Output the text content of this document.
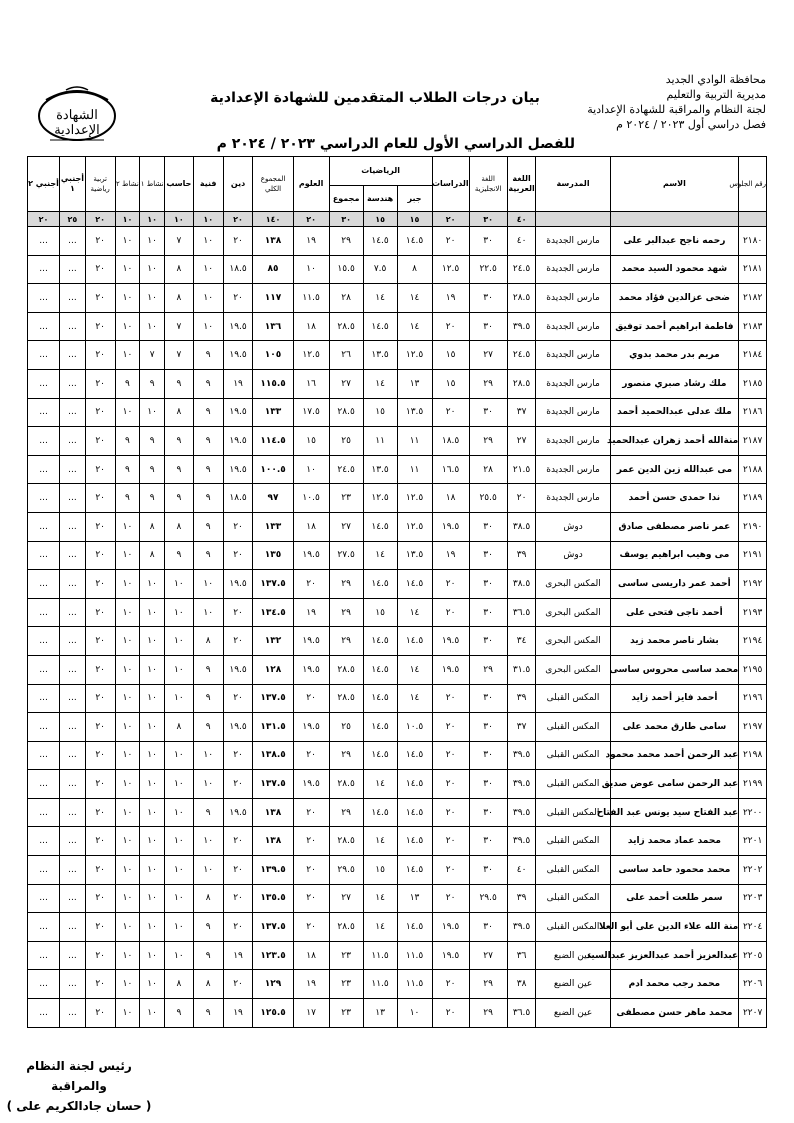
محافظة الوادي الجديد
مديرية التربية والتعليم
لجنة النظام والمراقبة للشهادة الإعدادية
فصل دراسي أول ٢٠٢٣ / ٢٠٢٤ م
بيان درجات الطلاب المتقدمين للشهادة الإعدادية
للفصل الدراسي الأول للعام الدراسي ٢٠٢٣ / ٢٠٢٤ م
الشهادة الإعدادية
رقم الجلوس	الاسم	المدرسة	اللغة العربية	اللغة الانجليزية	الدراسات	الرياضيات			العلوم	المجموع الكلي	دين	فنية	حاسب	نشاط ١	نشاط ٢	تربية رياضية	أجنبي ١	أجنبي ٢
						جبر	هندسة	مجموع										
			٤٠	٣٠	٢٠	١٥	١٥	٣٠	٢٠	١٤٠	٢٠	١٠	١٠	١٠	١٠	٢٠	٢٥	٢٠
٢١٨٠	رحمه ناجح عبدالبر على	مارس الجديدة	٤٠	٣٠	٢٠	١٤.٥	١٤.٥	٢٩	١٩	١٣٨	٢٠	١٠	٧	١٠	١٠	٢٠	...	...
٢١٨١	شهد محمود السيد محمد	مارس الجديدة	٢٤.٥	٢٢.٥	١٢.٥	٨	٧.٥	١٥.٥	١٠	٨٥	١٨.٥	١٠	٨	١٠	١٠	٢٠	...	...
٢١٨٢	ضحى عزالدين فؤاد محمد	مارس الجديدة	٢٨.٥	٣٠	١٩	١٤	١٤	٢٨	١١.٥	١١٧	٢٠	١٠	٨	١٠	١٠	٢٠	...	...
٢١٨٣	فاطمة ابراهيم أحمد توفيق	مارس الجديدة	٣٩.٥	٣٠	٢٠	١٤	١٤.٥	٢٨.٥	١٨	١٣٦	١٩.٥	١٠	٧	١٠	١٠	٢٠	...	...
٢١٨٤	مريم بدر محمد بدوي	مارس الجديدة	٢٤.٥	٢٧	١٥	١٢.٥	١٣.٥	٢٦	١٢.٥	١٠٥	١٩.٥	٩	٧	٧	١٠	٢٠	...	...
٢١٨٥	ملك رشاد صبري منصور	مارس الجديدة	٢٨.٥	٢٩	١٥	١٣	١٤	٢٧	١٦	١١٥.٥	١٩	٩	٩	٩	٩	٢٠	...	...
٢١٨٦	ملك عدلى عبدالحميد أحمد	مارس الجديدة	٣٧	٣٠	٢٠	١٣.٥	١٥	٢٨.٥	١٧.٥	١٣٣	١٩.٥	٩	٨	١٠	١٠	٢٠	...	...
٢١٨٧	منةالله أحمد زهران عبدالحميد	مارس الجديدة	٢٧	٢٩	١٨.٥	١١	١١	٢٥	١٥	١١٤.٥	١٩.٥	٩	٩	٩	٩	٢٠	...	...
٢١٨٨	مى عبدالله زين الدين عمر	مارس الجديدة	٢١.٥	٢٨	١٦.٥	١١	١٣.٥	٢٤.٥	١٠	١٠٠.٥	١٩.٥	٩	٩	٩	٩	٢٠	...	...
٢١٨٩	ندا حمدى حسن أحمد	مارس الجديدة	٢٠	٢٥.٥	١٨	١٢.٥	١٢.٥	٢٣	١٠.٥	٩٧	١٨.٥	٩	٩	٩	٩	٢٠	...	...
٢١٩٠	عمر ناصر مصطفى صادق	دوش	٣٨.٥	٣٠	١٩.٥	١٢.٥	١٤.٥	٢٧	١٨	١٣٣	٢٠	٩	٨	٨	١٠	٢٠	...	...
٢١٩١	مى وهيب ابراهيم يوسف	دوش	٣٩	٣٠	١٩	١٣.٥	١٤	٢٧.٥	١٩.٥	١٣٥	٢٠	٩	٩	٨	١٠	٢٠	...	...
٢١٩٢	أحمد عمر داريسى ساسى	المكس البحرى	٣٨.٥	٣٠	٢٠	١٤.٥	١٤.٥	٢٩	٢٠	١٣٧.٥	١٩.٥	١٠	١٠	١٠	١٠	٢٠	...	...
٢١٩٣	أحمد ناجى فتحى على	المكس البحرى	٣٦.٥	٣٠	٢٠	١٤	١٥	٢٩	١٩	١٣٤.٥	٢٠	١٠	١٠	١٠	١٠	٢٠	...	...
٢١٩٤	بشار ناصر محمد زيد	المكس البحرى	٣٤	٣٠	١٩.٥	١٤.٥	١٤.٥	٢٩	١٩.٥	١٣٢	٢٠	٨	١٠	١٠	١٠	٢٠	...	...
٢١٩٥	محمد ساسى محروس ساسى	المكس البحرى	٣١.٥	٢٩	١٩.٥	١٤	١٤.٥	٢٨.٥	١٩.٥	١٢٨	١٩.٥	٩	١٠	١٠	١٠	٢٠	...	...
٢١٩٦	أحمد فايز أحمد زايد	المكس القبلى	٣٩	٣٠	٢٠	١٤	١٤.٥	٢٨.٥	٢٠	١٣٧.٥	٢٠	٩	١٠	١٠	١٠	٢٠	...	...
٢١٩٧	سامى طارق محمد على	المكس القبلى	٣٧	٣٠	٢٠	١٠.٥	١٤.٥	٢٥	١٩.٥	١٣١.٥	١٩.٥	٩	٨	١٠	١٠	٢٠	...	...
٢١٩٨	عبد الرحمن أحمد محمد محمود	المكس القبلى	٣٩.٥	٣٠	٢٠	١٤.٥	١٤.٥	٢٩	٢٠	١٣٨.٥	٢٠	١٠	١٠	١٠	١٠	٢٠	...	...
٢١٩٩	عبد الرحمن سامى عوض صديق	المكس القبلى	٣٩.٥	٣٠	٢٠	١٤.٥	١٤	٢٨.٥	١٩.٥	١٣٧.٥	٢٠	١٠	١٠	١٠	١٠	٢٠	...	...
٢٢٠٠	عبد الفتاح سيد يونس عبد الفتاح	المكس القبلى	٣٩.٥	٣٠	٢٠	١٤.٥	١٤.٥	٢٩	٢٠	١٣٨	١٩.٥	٩	١٠	١٠	١٠	٢٠	...	...
٢٢٠١	محمد عماد محمد زايد	المكس القبلى	٣٩.٥	٣٠	٢٠	١٤.٥	١٤	٢٨.٥	٢٠	١٣٨	٢٠	١٠	١٠	١٠	١٠	٢٠	...	...
٢٢٠٢	محمد محمود حامد ساسى	المكس القبلى	٤٠	٣٠	٢٠	١٤.٥	١٥	٢٩.٥	٢٠	١٣٩.٥	٢٠	١٠	١٠	١٠	١٠	٢٠	...	...
٢٢٠٣	سمر طلعت أحمد على	المكس القبلى	٣٩	٢٩.٥	٢٠	١٣	١٤	٢٧	٢٠	١٣٥.٥	٢٠	٨	١٠	١٠	١٠	٢٠	...	...
٢٢٠٤	منة الله علاء الدين على أبو العلا	المكس القبلى	٣٩.٥	٣٠	١٩.٥	١٤.٥	١٤	٢٨.٥	٢٠	١٣٧.٥	٢٠	٩	١٠	١٠	١٠	٢٠	...	...
٢٢٠٥	عبدالعزيز أحمد عبدالعزيز عبدالسيد	عين الضبع	٣٦	٢٧	١٩.٥	١١.٥	١١.٥	٢٣	١٨	١٢٣.٥	١٩	٩	١٠	١٠	١٠	٢٠	...	...
٢٢٠٦	محمد رجب محمد ادم	عين الضبع	٣٨	٢٩	٢٠	١١.٥	١١.٥	٢٣	١٩	١٢٩	٢٠	٨	٨	١٠	١٠	٢٠	...	...
٢٢٠٧	محمد ماهر حسن مصطفى	عين الضبع	٣٦.٥	٢٩	٢٠	١٠	١٣	٢٣	١٧	١٢٥.٥	١٩	٩	٩	١٠	١٠	٢٠	...	...
رئيس لجنة النظام والمراقبة
( حسان جادالكريم على )
